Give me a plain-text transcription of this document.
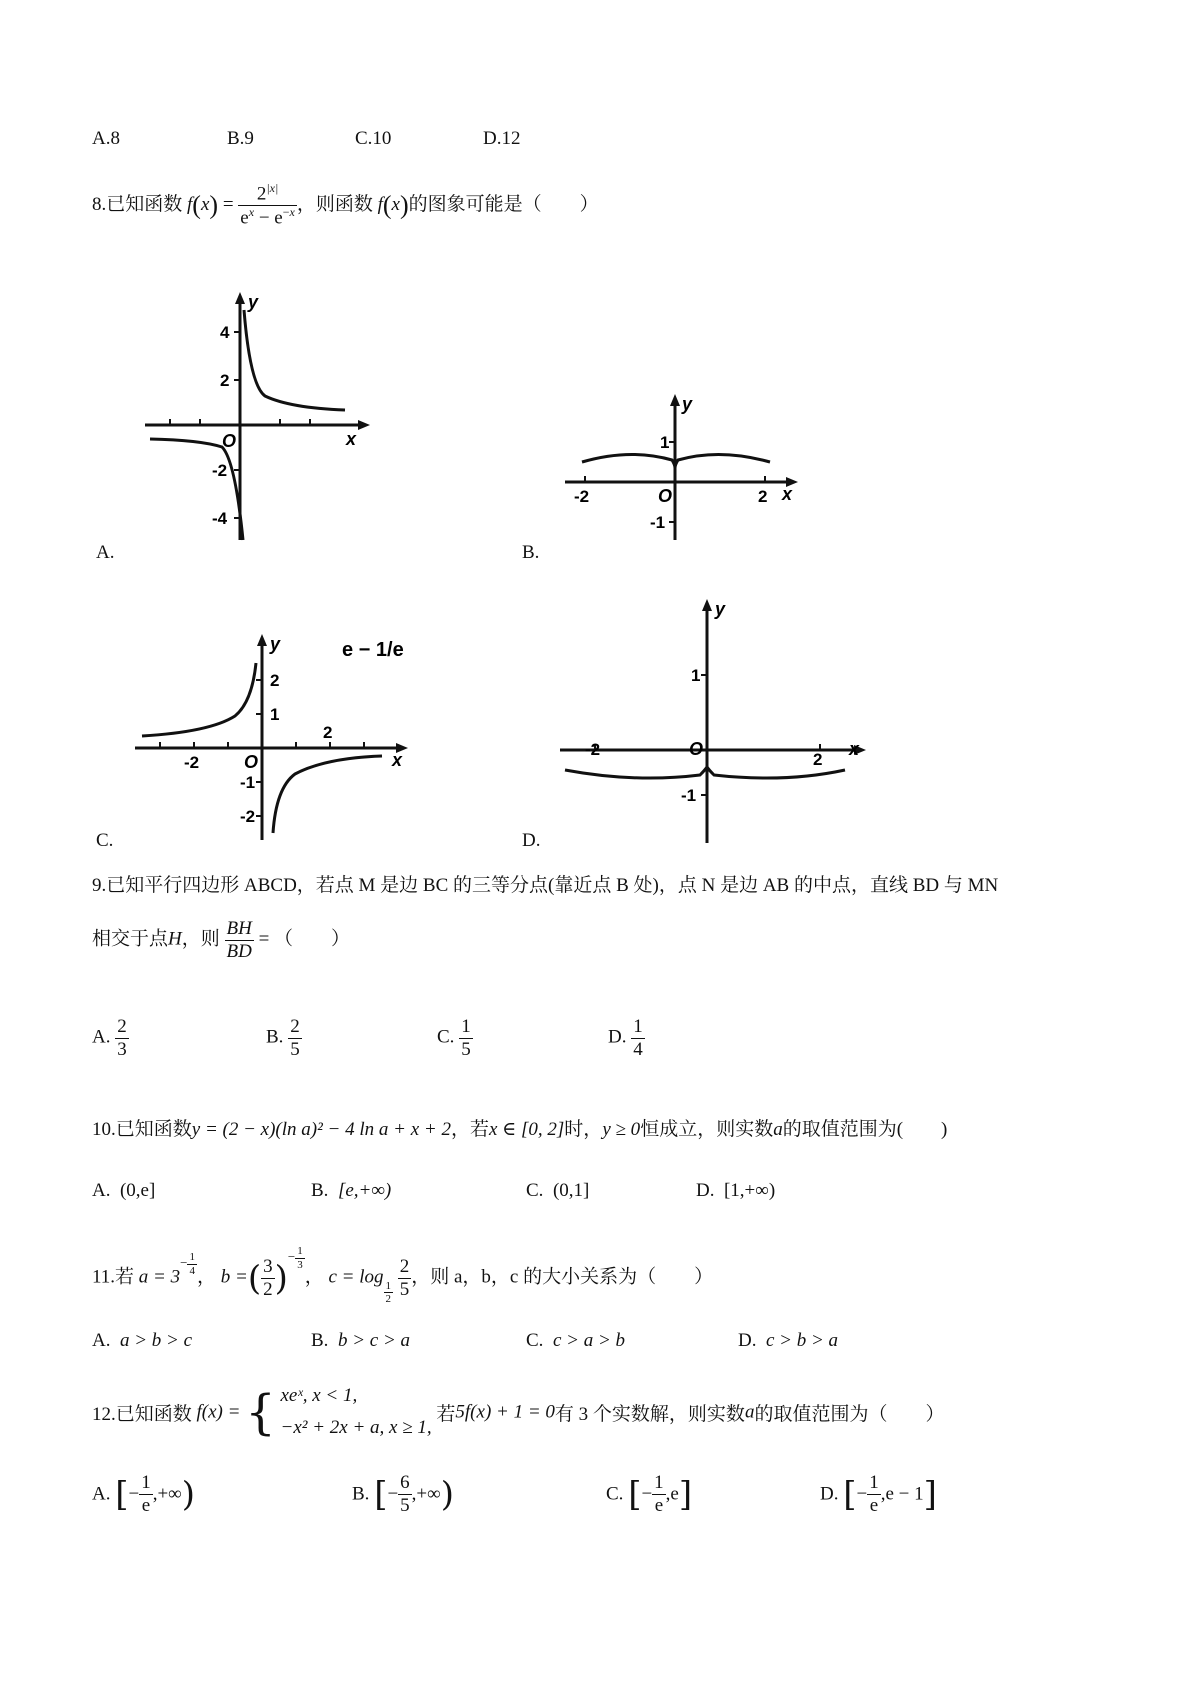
A.8	B.9	C.10	D.12
8.已知函数 $f(x) = \frac{2^{|x|}}{e^x - e^{-x}}$ ，则函数 f(x)的图象可能是（　　）
y
x
O
4
2
-2
-4
A.
y
x
O
1
-1
-2	2
B.
y
x
O
2
1
-1
-2
-2
2
e − 1/e
C.
y
x
O
1
-1
-2
2
D.
9.已知平行四边形 ABCD，若点 M 是边 BC 的三等分点(靠近点 B 处)，点 N 是边 AB 的中点，直线 BD 与 MN
相交于点H，则 $\frac{BH}{BD}$ = （　　）
A. $\frac{2}{3}$	B. $\frac{2}{5}$	C. $\frac{1}{5}$	D. $\frac{1}{4}$
10.已知函数y = (2 − x)(ln a)² − 4 ln a + x + 2，若x ∈ [0, 2]时，y ≥ 0恒成立，则实数a的取值范围为(　　)
A. (0,e]	B. [e,+∞)	C. (0,1]	D. [1,+∞)
11.若 $a = 3^{- \frac{1}{4}}$ ， b =( $\frac{3}{2} )^{- \frac{1}{3}}$
， c = log
$_{\frac{1}{2}}$
$\frac{2}{5}$ ，则 a，b，c 的大小关系为（　　）
A. a > b > c	B. b > c > a	C. c > a > b	D. c > b > a
12.已知函数 f(x) = { xeˣ, x < 1,
−x² + 2x + a, x ≥ 1,
若5f(x) + 1 = 0有 3 个实数解，则实数a的取值范围为（　　）
A. [− $\frac{1}{e}$ ,+∞)	B. [− $\frac{6}{5}$ ,+∞)	C. [− $\frac{1}{e} ,e$]	D. [− $\frac{1}{e} ,e - 1$]
